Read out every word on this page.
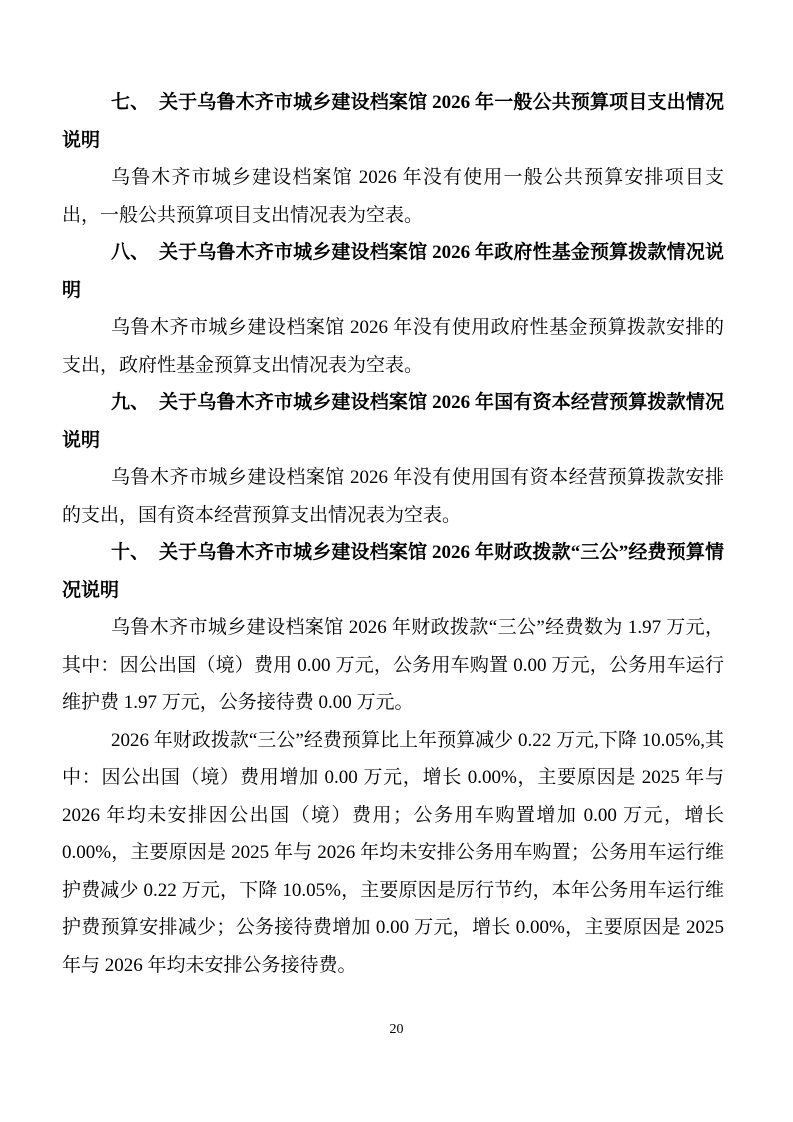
七、　关于乌鲁木齐市城乡建设档案馆 2026 年一般公共预算项目支出情况说明

乌鲁木齐市城乡建设档案馆 2026 年没有使用一般公共预算安排项目支出，一般公共预算项目支出情况表为空表。

八、　关于乌鲁木齐市城乡建设档案馆 2026 年政府性基金预算拨款情况说明

乌鲁木齐市城乡建设档案馆 2026 年没有使用政府性基金预算拨款安排的支出，政府性基金预算支出情况表为空表。

九、　关于乌鲁木齐市城乡建设档案馆 2026 年国有资本经营预算拨款情况说明

乌鲁木齐市城乡建设档案馆 2026 年没有使用国有资本经营预算拨款安排的支出，国有资本经营预算支出情况表为空表。

十、　关于乌鲁木齐市城乡建设档案馆 2026 年财政拨款“三公”经费预算情况说明

乌鲁木齐市城乡建设档案馆 2026 年财政拨款“三公”经费数为 1.97 万元，其中：因公出国（境）费用 0.00 万元，公务用车购置 0.00 万元，公务用车运行维护费 1.97 万元，公务接待费 0.00 万元。

2026 年财政拨款“三公”经费预算比上年预算减少 0.22 万元,下降 10.05%,其中：因公出国（境）费用增加 0.00 万元，增长 0.00%，主要原因是 2025 年与 2026 年均未安排因公出国（境）费用；公务用车购置增加 0.00 万元，增长 0.00%，主要原因是 2025 年与 2026 年均未安排公务用车购置；公务用车运行维护费减少 0.22 万元，下降 10.05%，主要原因是厉行节约，本年公务用车运行维护费预算安排减少；公务接待费增加 0.00 万元，增长 0.00%，主要原因是 2025 年与 2026 年均未安排公务接待费。

20
